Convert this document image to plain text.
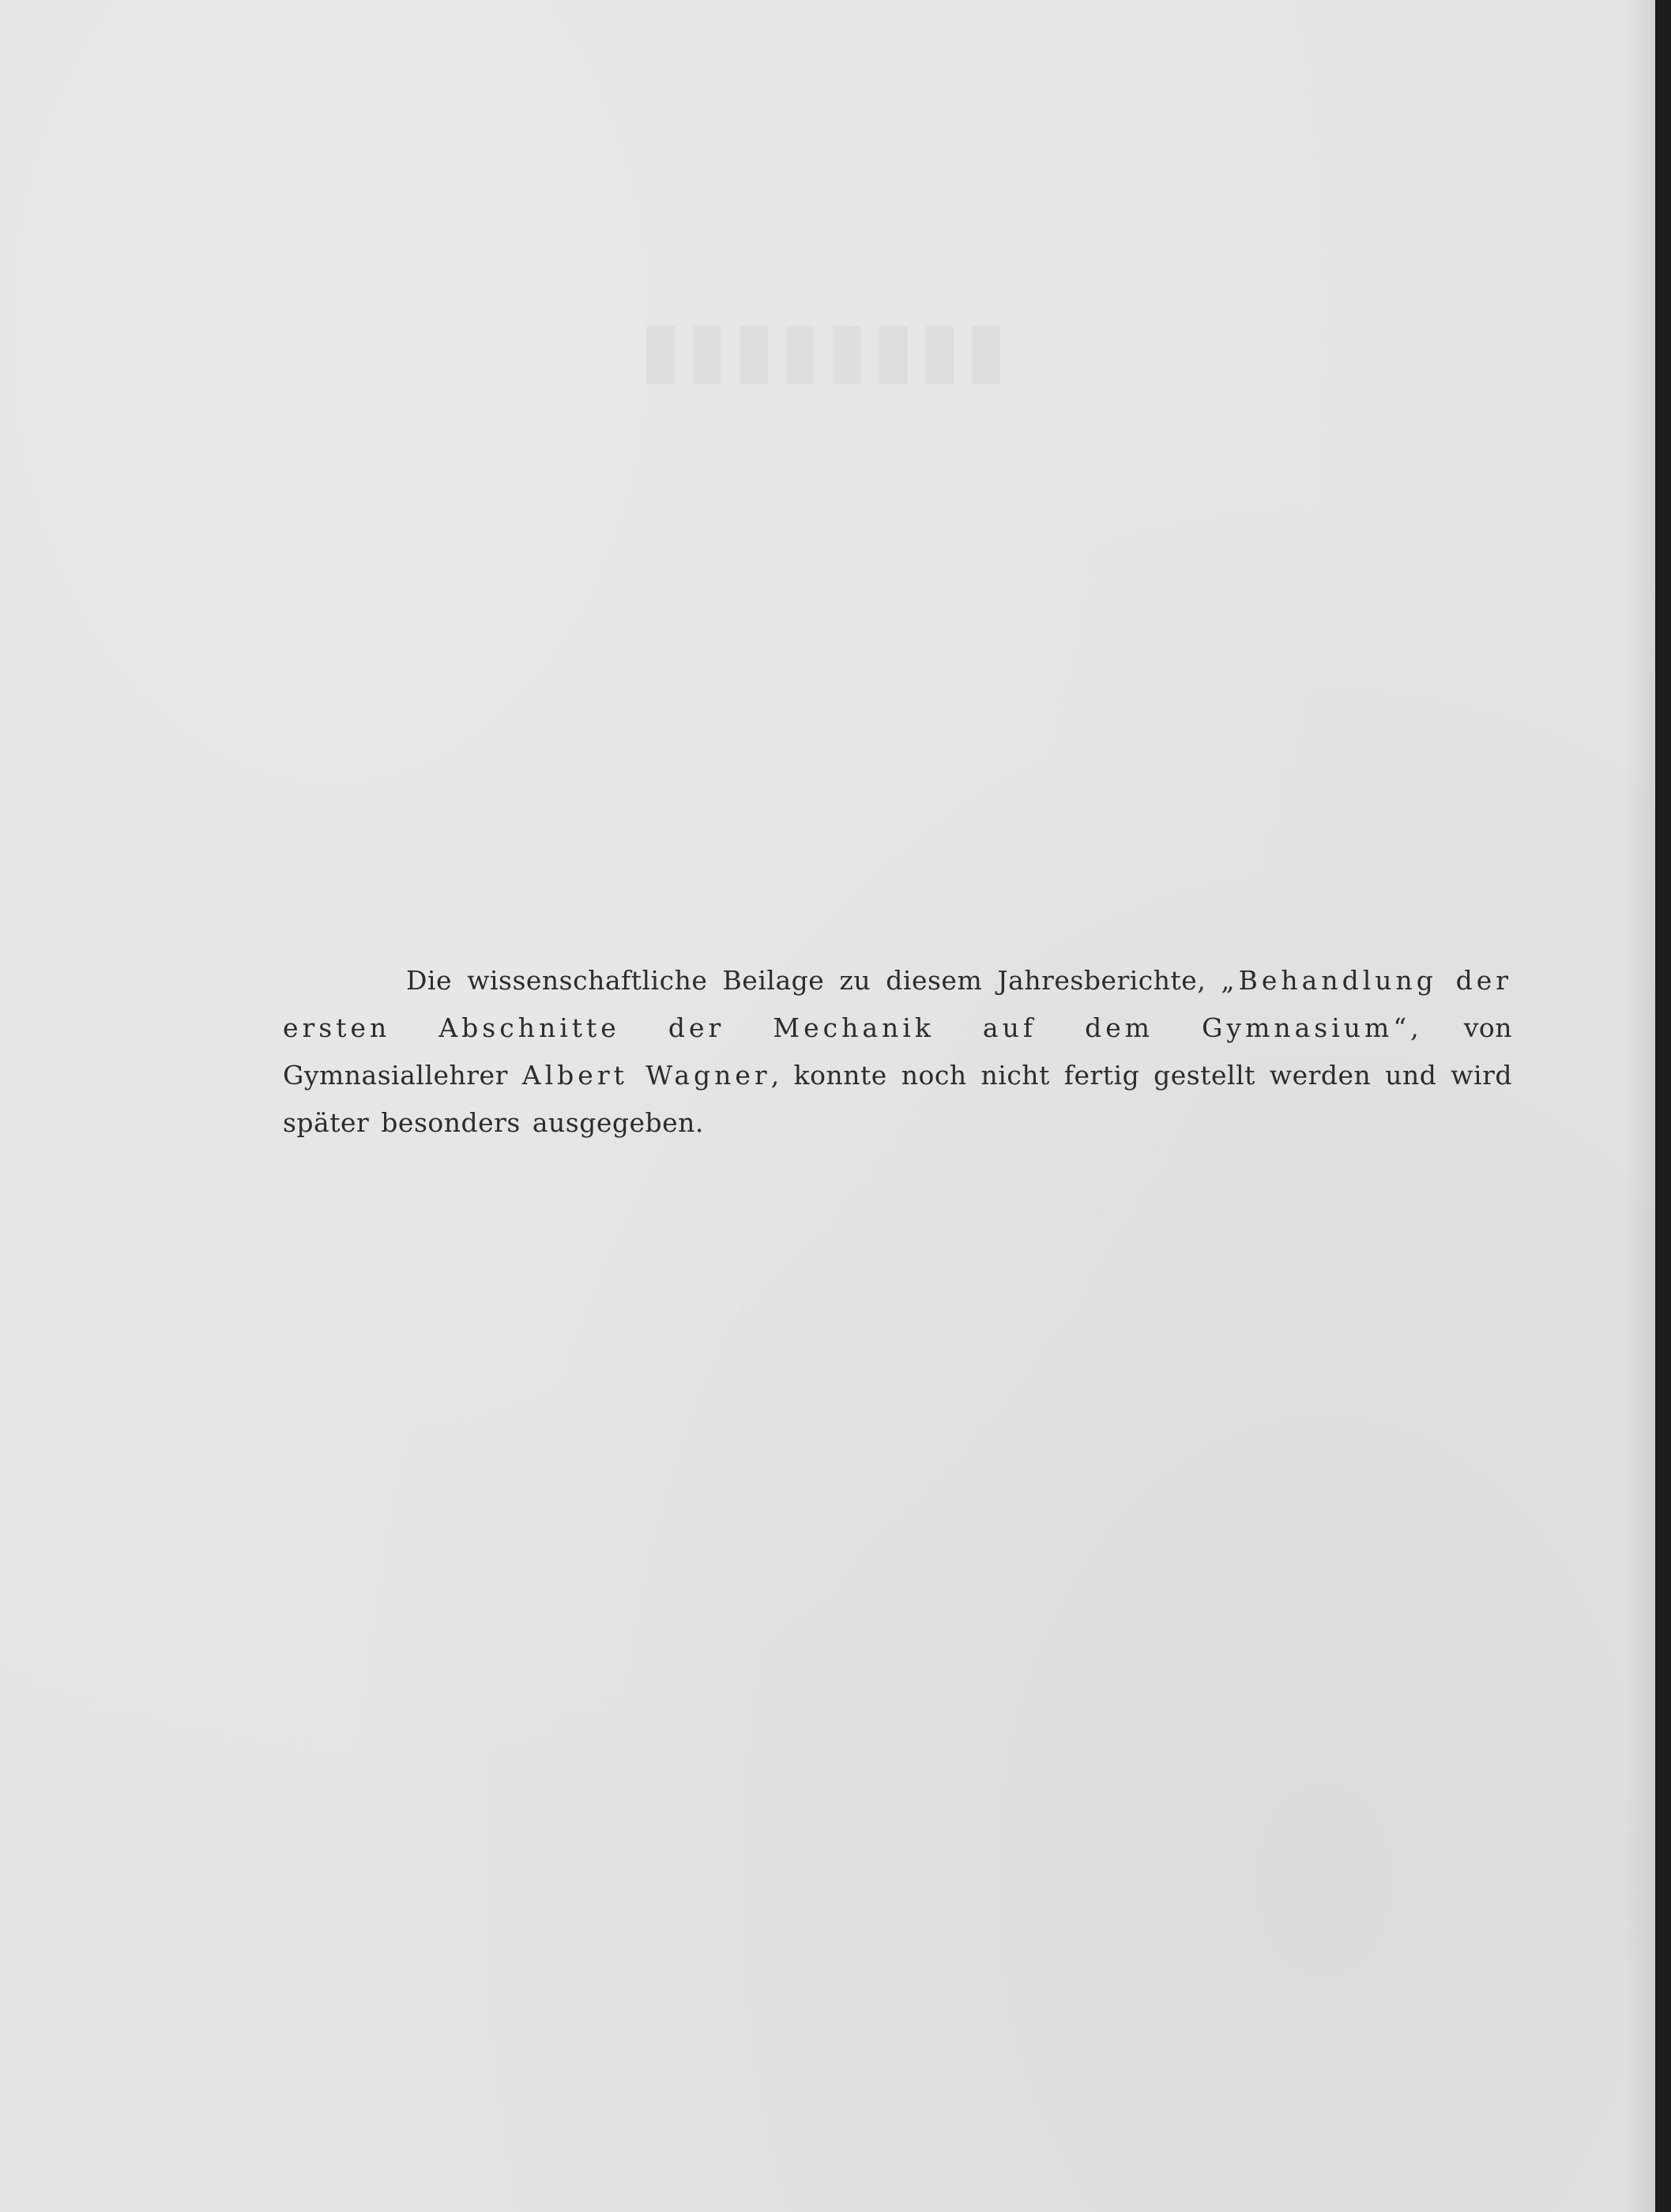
▮▮▮▮▮▮▮▮

Die wissenschaftliche Beilage zu diesem Jahresberichte, „Behandlung der ersten Abschnitte der Mechanik auf dem Gymnasium“, von Gymnasiallehrer Albert Wagner, konnte noch nicht fertig gestellt werden und wird später besonders ausgegeben.
